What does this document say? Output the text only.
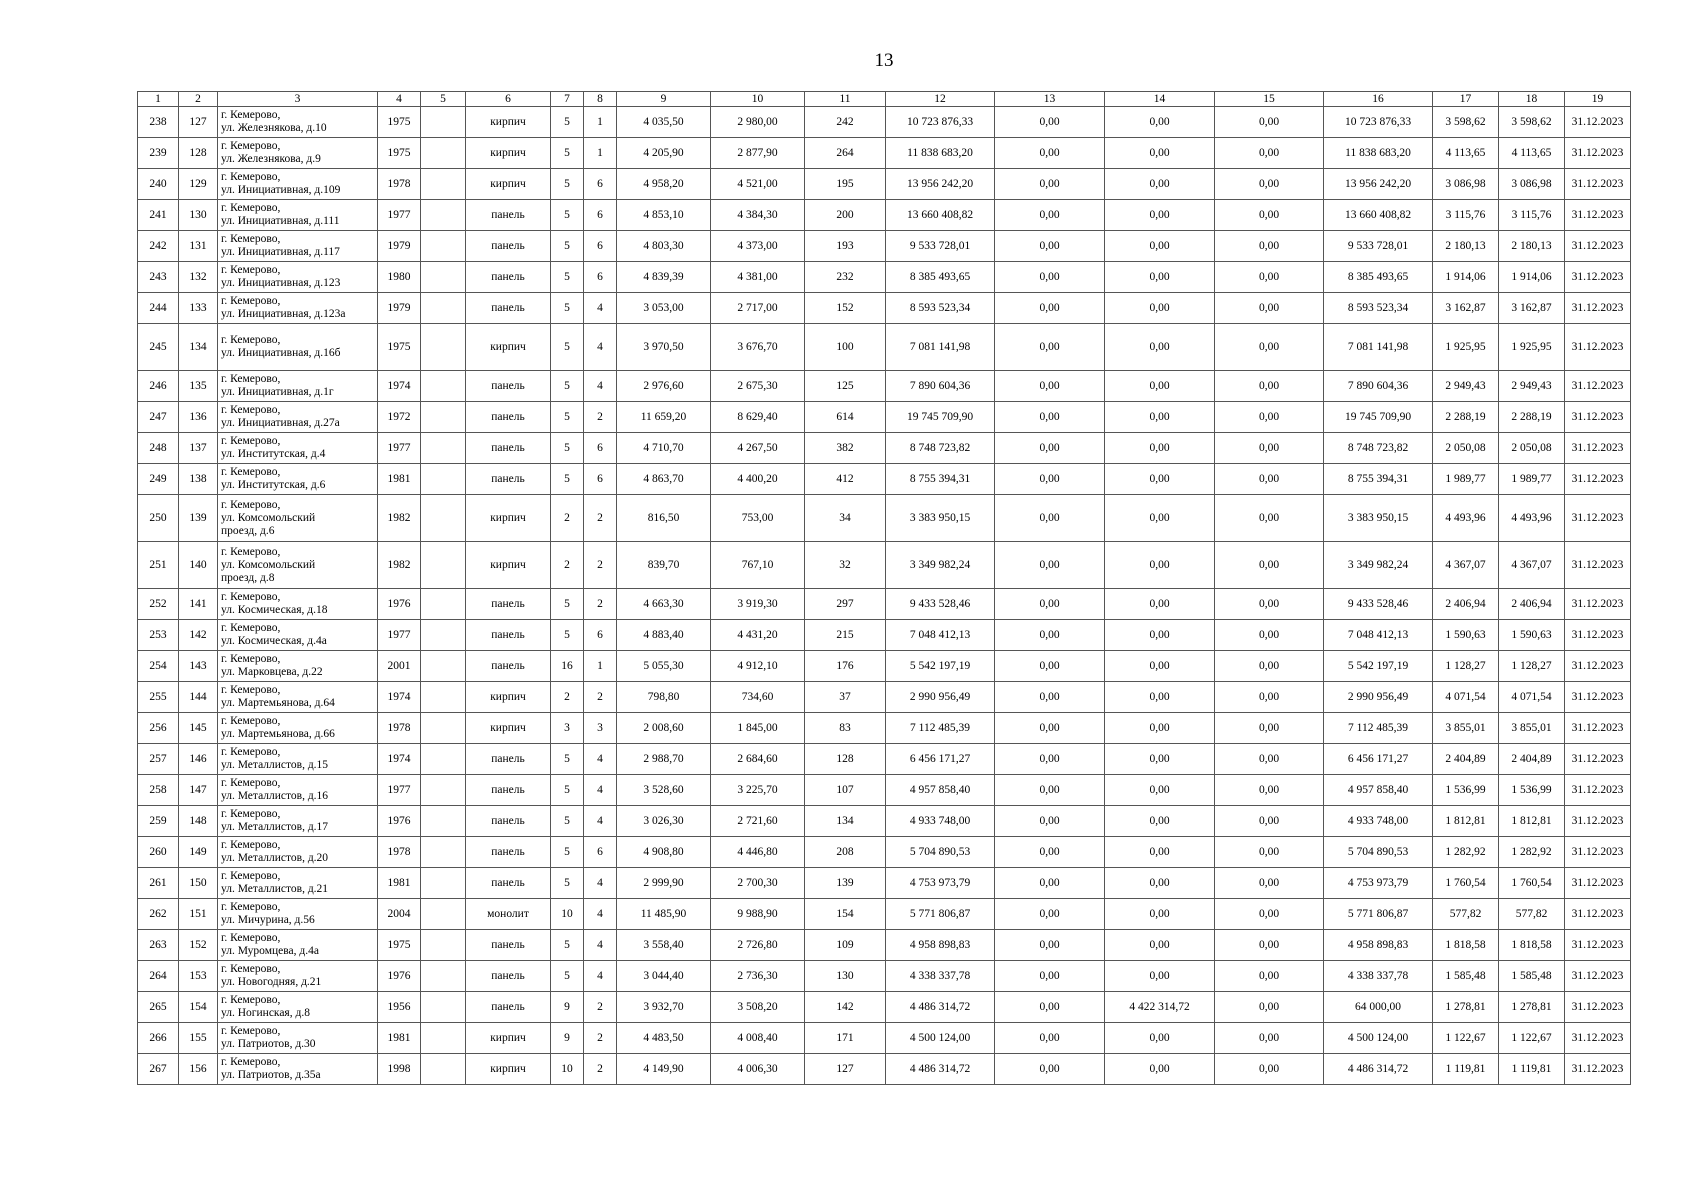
13
1	2	3	4	5	6	7	8	9	10	11	12	13	14	15	16	17	18	19
238	127	г. Кемерово,
ул. Железнякова, д.10	1975		кирпич	5	1	4 035,50	2 980,00	242	10 723 876,33	0,00	0,00	0,00	10 723 876,33	3 598,62	3 598,62	31.12.2023
239	128	г. Кемерово,
ул. Железнякова, д.9	1975		кирпич	5	1	4 205,90	2 877,90	264	11 838 683,20	0,00	0,00	0,00	11 838 683,20	4 113,65	4 113,65	31.12.2023
240	129	г. Кемерово,
ул. Инициативная, д.109	1978		кирпич	5	6	4 958,20	4 521,00	195	13 956 242,20	0,00	0,00	0,00	13 956 242,20	3 086,98	3 086,98	31.12.2023
241	130	г. Кемерово,
ул. Инициативная, д.111	1977		панель	5	6	4 853,10	4 384,30	200	13 660 408,82	0,00	0,00	0,00	13 660 408,82	3 115,76	3 115,76	31.12.2023
242	131	г. Кемерово,
ул. Инициативная, д.117	1979		панель	5	6	4 803,30	4 373,00	193	9 533 728,01	0,00	0,00	0,00	9 533 728,01	2 180,13	2 180,13	31.12.2023
243	132	г. Кемерово,
ул. Инициативная, д.123	1980		панель	5	6	4 839,39	4 381,00	232	8 385 493,65	0,00	0,00	0,00	8 385 493,65	1 914,06	1 914,06	31.12.2023
244	133	г. Кемерово,
ул. Инициативная, д.123а	1979		панель	5	4	3 053,00	2 717,00	152	8 593 523,34	0,00	0,00	0,00	8 593 523,34	3 162,87	3 162,87	31.12.2023
245	134	г. Кемерово,
ул. Инициативная, д.16б	1975		кирпич	5	4	3 970,50	3 676,70	100	7 081 141,98	0,00	0,00	0,00	7 081 141,98	1 925,95	1 925,95	31.12.2023
246	135	г. Кемерово,
ул. Инициативная, д.1г	1974		панель	5	4	2 976,60	2 675,30	125	7 890 604,36	0,00	0,00	0,00	7 890 604,36	2 949,43	2 949,43	31.12.2023
247	136	г. Кемерово,
ул. Инициативная, д.27а	1972		панель	5	2	11 659,20	8 629,40	614	19 745 709,90	0,00	0,00	0,00	19 745 709,90	2 288,19	2 288,19	31.12.2023
248	137	г. Кемерово,
ул. Институтская, д.4	1977		панель	5	6	4 710,70	4 267,50	382	8 748 723,82	0,00	0,00	0,00	8 748 723,82	2 050,08	2 050,08	31.12.2023
249	138	г. Кемерово,
ул. Институтская, д.6	1981		панель	5	6	4 863,70	4 400,20	412	8 755 394,31	0,00	0,00	0,00	8 755 394,31	1 989,77	1 989,77	31.12.2023
250	139	г. Кемерово,
ул. Комсомольский
проезд, д.6	1982		кирпич	2	2	816,50	753,00	34	3 383 950,15	0,00	0,00	0,00	3 383 950,15	4 493,96	4 493,96	31.12.2023
251	140	г. Кемерово,
ул. Комсомольский
проезд, д.8	1982		кирпич	2	2	839,70	767,10	32	3 349 982,24	0,00	0,00	0,00	3 349 982,24	4 367,07	4 367,07	31.12.2023
252	141	г. Кемерово,
ул. Космическая, д.18	1976		панель	5	2	4 663,30	3 919,30	297	9 433 528,46	0,00	0,00	0,00	9 433 528,46	2 406,94	2 406,94	31.12.2023
253	142	г. Кемерово,
ул. Космическая, д.4а	1977		панель	5	6	4 883,40	4 431,20	215	7 048 412,13	0,00	0,00	0,00	7 048 412,13	1 590,63	1 590,63	31.12.2023
254	143	г. Кемерово,
ул. Марковцева, д.22	2001		панель	16	1	5 055,30	4 912,10	176	5 542 197,19	0,00	0,00	0,00	5 542 197,19	1 128,27	1 128,27	31.12.2023
255	144	г. Кемерово,
ул. Мартемьянова, д.64	1974		кирпич	2	2	798,80	734,60	37	2 990 956,49	0,00	0,00	0,00	2 990 956,49	4 071,54	4 071,54	31.12.2023
256	145	г. Кемерово,
ул. Мартемьянова, д.66	1978		кирпич	3	3	2 008,60	1 845,00	83	7 112 485,39	0,00	0,00	0,00	7 112 485,39	3 855,01	3 855,01	31.12.2023
257	146	г. Кемерово,
ул. Металлистов, д.15	1974		панель	5	4	2 988,70	2 684,60	128	6 456 171,27	0,00	0,00	0,00	6 456 171,27	2 404,89	2 404,89	31.12.2023
258	147	г. Кемерово,
ул. Металлистов, д.16	1977		панель	5	4	3 528,60	3 225,70	107	4 957 858,40	0,00	0,00	0,00	4 957 858,40	1 536,99	1 536,99	31.12.2023
259	148	г. Кемерово,
ул. Металлистов, д.17	1976		панель	5	4	3 026,30	2 721,60	134	4 933 748,00	0,00	0,00	0,00	4 933 748,00	1 812,81	1 812,81	31.12.2023
260	149	г. Кемерово,
ул. Металлистов, д.20	1978		панель	5	6	4 908,80	4 446,80	208	5 704 890,53	0,00	0,00	0,00	5 704 890,53	1 282,92	1 282,92	31.12.2023
261	150	г. Кемерово,
ул. Металлистов, д.21	1981		панель	5	4	2 999,90	2 700,30	139	4 753 973,79	0,00	0,00	0,00	4 753 973,79	1 760,54	1 760,54	31.12.2023
262	151	г. Кемерово,
ул. Мичурина, д.56	2004		монолит	10	4	11 485,90	9 988,90	154	5 771 806,87	0,00	0,00	0,00	5 771 806,87	577,82	577,82	31.12.2023
263	152	г. Кемерово,
ул. Муромцева, д.4а	1975		панель	5	4	3 558,40	2 726,80	109	4 958 898,83	0,00	0,00	0,00	4 958 898,83	1 818,58	1 818,58	31.12.2023
264	153	г. Кемерово,
ул. Новогодняя, д.21	1976		панель	5	4	3 044,40	2 736,30	130	4 338 337,78	0,00	0,00	0,00	4 338 337,78	1 585,48	1 585,48	31.12.2023
265	154	г. Кемерово,
ул. Ногинская, д.8	1956		панель	9	2	3 932,70	3 508,20	142	4 486 314,72	0,00	4 422 314,72	0,00	64 000,00	1 278,81	1 278,81	31.12.2023
266	155	г. Кемерово,
ул. Патриотов, д.30	1981		кирпич	9	2	4 483,50	4 008,40	171	4 500 124,00	0,00	0,00	0,00	4 500 124,00	1 122,67	1 122,67	31.12.2023
267	156	г. Кемерово,
ул. Патриотов, д.35а	1998		кирпич	10	2	4 149,90	4 006,30	127	4 486 314,72	0,00	0,00	0,00	4 486 314,72	1 119,81	1 119,81	31.12.2023
